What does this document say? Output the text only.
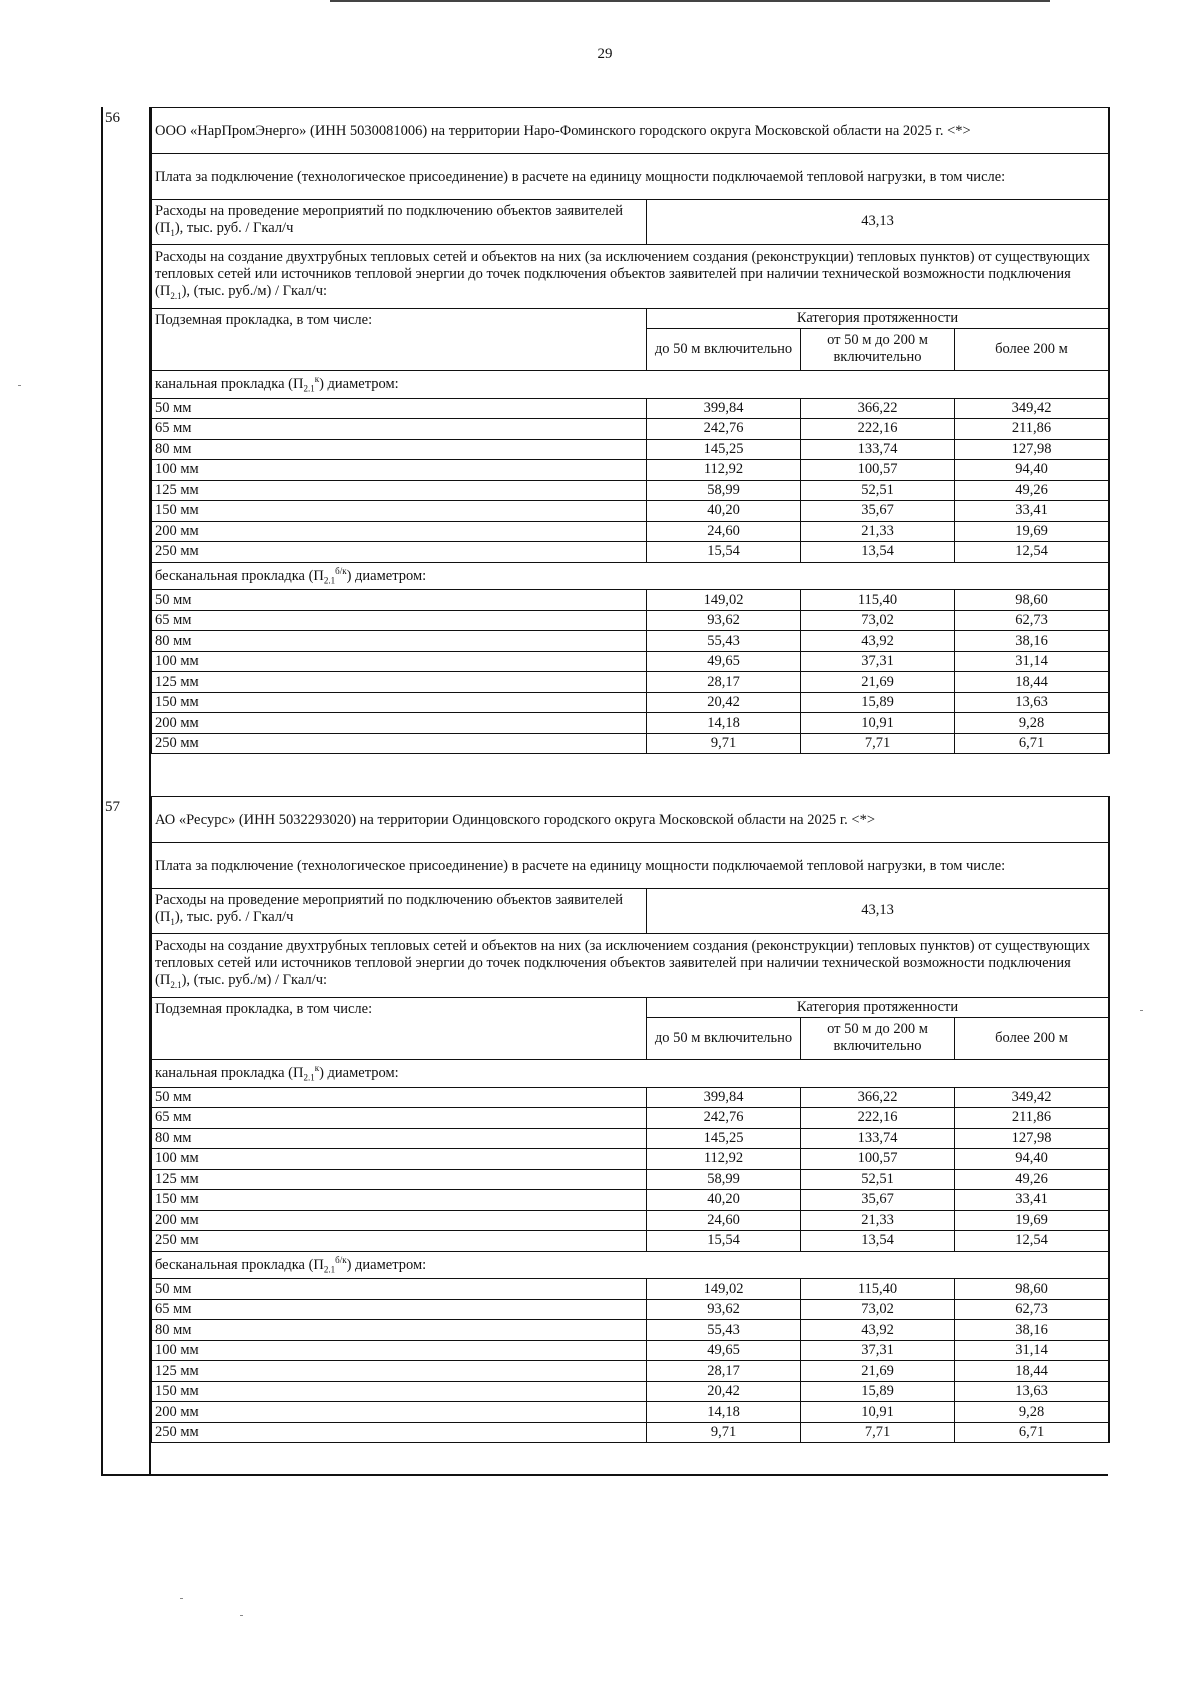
29
56
ООО «НарПромЭнерго» (ИНН 5030081006) на территории Наро-Фоминского городского округа Московской области на 2025 г. <*>			
Плата за подключение (технологическое присоединение) в расчете на единицу мощности подключаемой тепловой нагрузки, в том числе:			
Расходы на проведение мероприятий по подключению объектов заявителей $(П_1)$, тыс. руб. / Гкал/ч	43,13		
Расходы на создание двухтрубных тепловых сетей и объектов на них (за исключением создания (реконструкции) тепловых пунктов) от существующих тепловых сетей или источников тепловой энергии до точек подключения объектов заявителей при наличии технической возможности подключения $(П_{2.1})$, (тыс. руб./м) / Гкал/ч:			
Подземная прокладка, в том числе:	Категория протяженности		
	до 50 м включительно	от 50 м до 200 м включительно	более 200 м
канальная прокладка $(П_{2.1}^к)$ диаметром:			
50 мм	399,84	366,22	349,42
65 мм	242,76	222,16	211,86
80 мм	145,25	133,74	127,98
100 мм	112,92	100,57	94,40
125 мм	58,99	52,51	49,26
150 мм	40,20	35,67	33,41
200 мм	24,60	21,33	19,69
250 мм	15,54	13,54	12,54
бесканальная прокладка $(П_{2.1}^{б/к})$ диаметром:			
50 мм	149,02	115,40	98,60
65 мм	93,62	73,02	62,73
80 мм	55,43	43,92	38,16
100 мм	49,65	37,31	31,14
125 мм	28,17	21,69	18,44
150 мм	20,42	15,89	13,63
200 мм	14,18	10,91	9,28
250 мм	9,71	7,71	6,71
57
АО «Ресурс» (ИНН 5032293020) на территории Одинцовского городского округа Московской области на 2025 г. <*>			
Плата за подключение (технологическое присоединение) в расчете на единицу мощности подключаемой тепловой нагрузки, в том числе:			
Расходы на проведение мероприятий по подключению объектов заявителей $(П_1)$, тыс. руб. / Гкал/ч	43,13		
Расходы на создание двухтрубных тепловых сетей и объектов на них (за исключением создания (реконструкции) тепловых пунктов) от существующих тепловых сетей или источников тепловой энергии до точек подключения объектов заявителей при наличии технической возможности подключения $(П_{2.1})$, (тыс. руб./м) / Гкал/ч:			
Подземная прокладка, в том числе:	Категория протяженности		
	до 50 м включительно	от 50 м до 200 м включительно	более 200 м
канальная прокладка $(П_{2.1}^к)$ диаметром:			
50 мм	399,84	366,22	349,42
65 мм	242,76	222,16	211,86
80 мм	145,25	133,74	127,98
100 мм	112,92	100,57	94,40
125 мм	58,99	52,51	49,26
150 мм	40,20	35,67	33,41
200 мм	24,60	21,33	19,69
250 мм	15,54	13,54	12,54
бесканальная прокладка $(П_{2.1}^{б/к})$ диаметром:			
50 мм	149,02	115,40	98,60
65 мм	93,62	73,02	62,73
80 мм	55,43	43,92	38,16
100 мм	49,65	37,31	31,14
125 мм	28,17	21,69	18,44
150 мм	20,42	15,89	13,63
200 мм	14,18	10,91	9,28
250 мм	9,71	7,71	6,71
